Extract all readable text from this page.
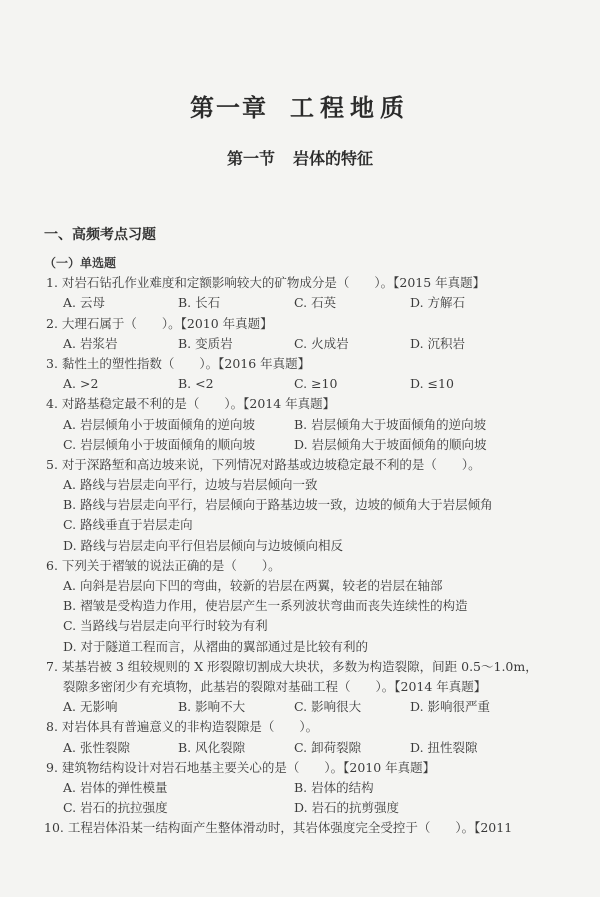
第一章 工程地质
第一节 岩体的特征
一、高频考点习题
（一）单选题
1. 对岩石钻孔作业难度和定额影响较大的矿物成分是（　　）。【2015 年真题】
A. 云母	B. 长石	C. 石英	D. 方解石
2. 大理石属于（　　）。【2010 年真题】
A. 岩浆岩	B. 变质岩	C. 火成岩	D. 沉积岩
3. 黏性土的塑性指数（　　）。【2016 年真题】
A. >2	B. <2	C. ≥10	D. ≤10
4. 对路基稳定最不利的是（　　）。【2014 年真题】
A. 岩层倾角小于坡面倾角的逆向坡	B. 岩层倾角大于坡面倾角的逆向坡
C. 岩层倾角小于坡面倾角的顺向坡	D. 岩层倾角大于坡面倾角的顺向坡
5. 对于深路堑和高边坡来说，下列情况对路基或边坡稳定最不利的是（　　）。
A. 路线与岩层走向平行，边坡与岩层倾向一致
B. 路线与岩层走向平行，岩层倾向于路基边坡一致，边坡的倾角大于岩层倾角
C. 路线垂直于岩层走向
D. 路线与岩层走向平行但岩层倾向与边坡倾向相反
6. 下列关于褶皱的说法正确的是（　　）。
A. 向斜是岩层向下凹的弯曲，较新的岩层在两翼，较老的岩层在轴部
B. 褶皱是受构造力作用，使岩层产生一系列波状弯曲而丧失连续性的构造
C. 当路线与岩层走向平行时较为有利
D. 对于隧道工程而言，从褶曲的翼部通过是比较有利的
7. 某基岩被 3 组较规则的 X 形裂隙切割成大块状，多数为构造裂隙，间距 0.5～1.0m，
裂隙多密闭少有充填物，此基岩的裂隙对基础工程（　　）。【2014 年真题】
A. 无影响	B. 影响不大	C. 影响很大	D. 影响很严重
8. 对岩体具有普遍意义的非构造裂隙是（　　）。
A. 张性裂隙	B. 风化裂隙	C. 卸荷裂隙	D. 扭性裂隙
9. 建筑物结构设计对岩石地基主要关心的是（　　）。【2010 年真题】
A. 岩体的弹性模量	B. 岩体的结构
C. 岩石的抗拉强度	D. 岩石的抗剪强度
10. 工程岩体沿某一结构面产生整体滑动时，其岩体强度完全受控于（　　）。【2011
